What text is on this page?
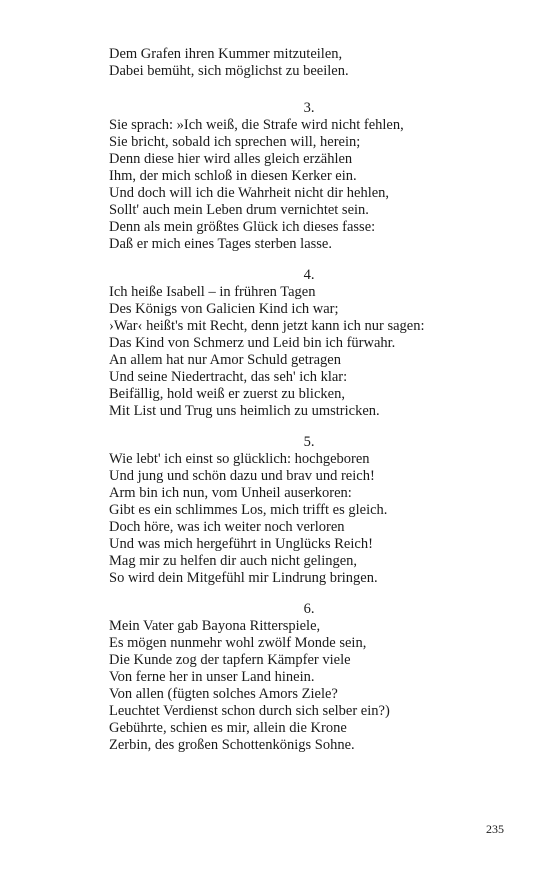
Dem Grafen ihren Kummer mitzuteilen,
Dabei bemüht, sich möglichst zu beeilen.
3.
Sie sprach: »Ich weiß, die Strafe wird nicht fehlen,
Sie bricht, sobald ich sprechen will, herein;
Denn diese hier wird alles gleich erzählen
Ihm, der mich schloß in diesen Kerker ein.
Und doch will ich die Wahrheit nicht dir hehlen,
Sollt' auch mein Leben drum vernichtet sein.
Denn als mein größtes Glück ich dieses fasse:
Daß er mich eines Tages sterben lasse.
4.
Ich heiße Isabell – in frühren Tagen
Des Königs von Galicien Kind ich war;
›War‹ heißt's mit Recht, denn jetzt kann ich nur sagen:
Das Kind von Schmerz und Leid bin ich fürwahr.
An allem hat nur Amor Schuld getragen
Und seine Niedertracht, das seh' ich klar:
Beifällig, hold weiß er zuerst zu blicken,
Mit List und Trug uns heimlich zu umstricken.
5.
Wie lebt' ich einst so glücklich: hochgeboren
Und jung und schön dazu und brav und reich!
Arm bin ich nun, vom Unheil auserkoren:
Gibt es ein schlimmes Los, mich trifft es gleich.
Doch höre, was ich weiter noch verloren
Und was mich hergeführt in Unglücks Reich!
Mag mir zu helfen dir auch nicht gelingen,
So wird dein Mitgefühl mir Lindrung bringen.
6.
Mein Vater gab Bayona Ritterspiele,
Es mögen nunmehr wohl zwölf Monde sein,
Die Kunde zog der tapfern Kämpfer viele
Von ferne her in unser Land hinein.
Von allen (fügten solches Amors Ziele?
Leuchtet Verdienst schon durch sich selber ein?)
Gebührte, schien es mir, allein die Krone
Zerbin, des großen Schottenkönigs Sohne.
235
